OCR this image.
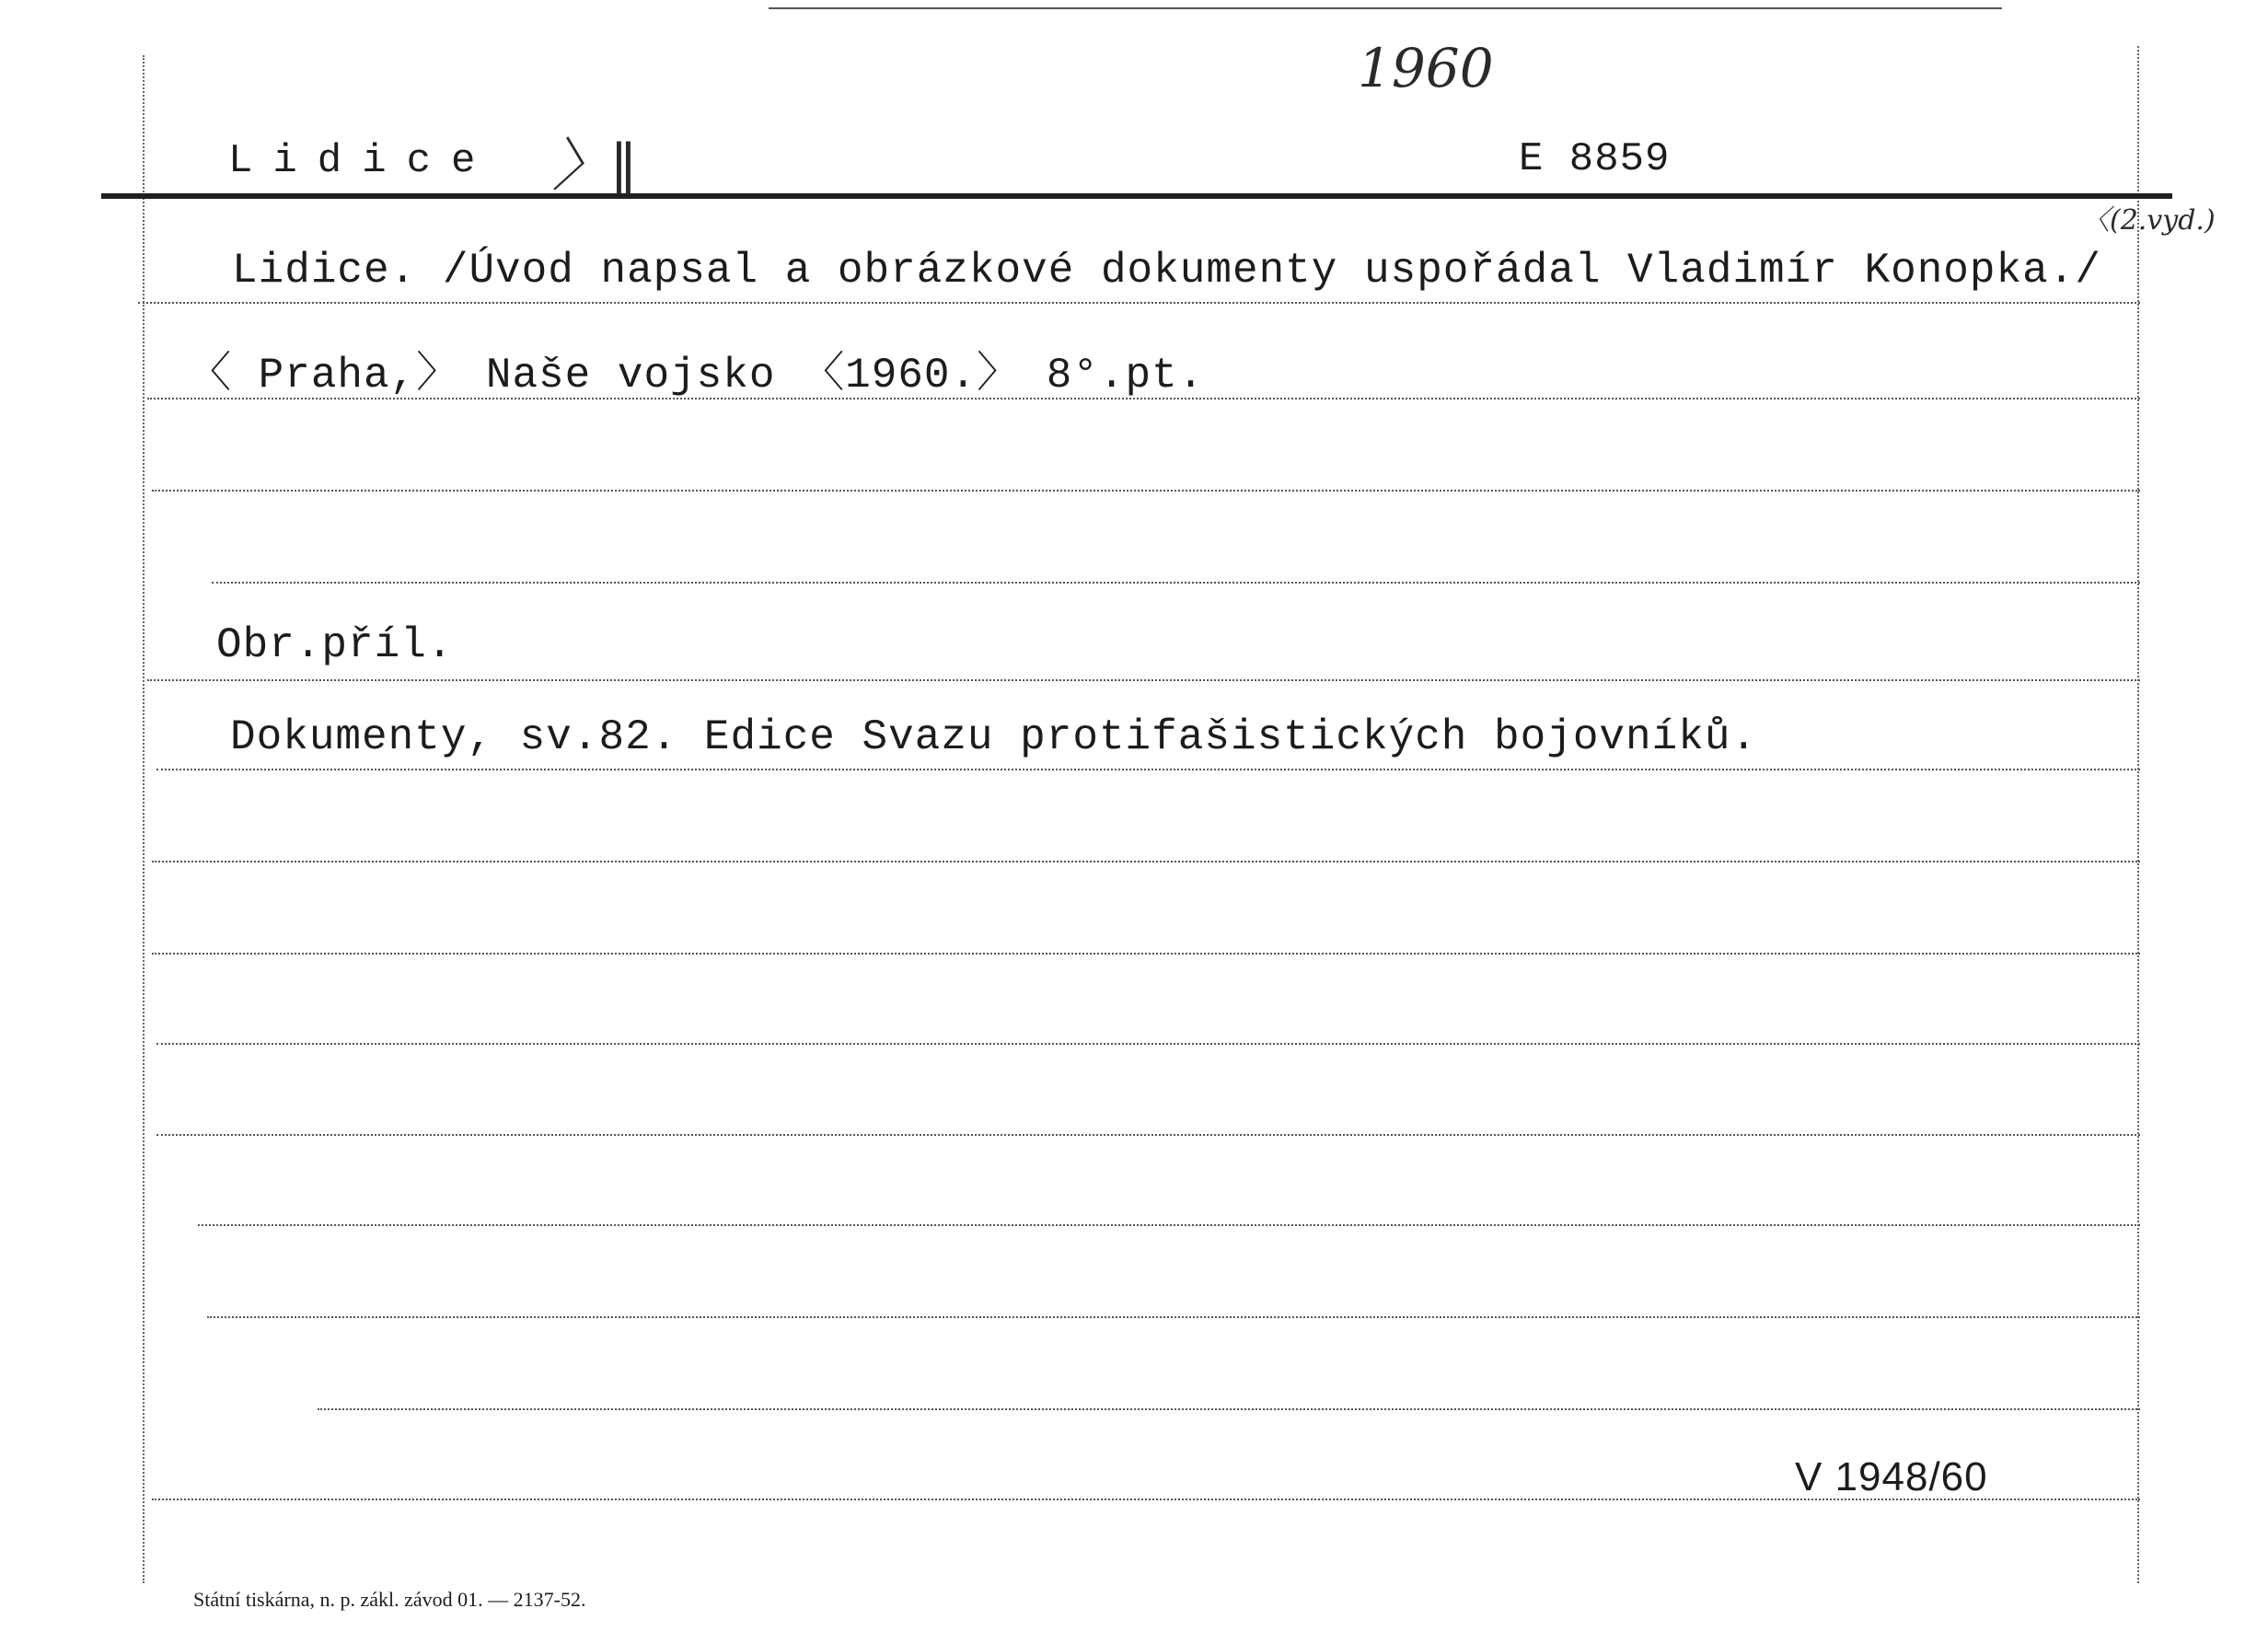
1960
Lidice 〉‖	E 8859
Lidice. /Úvod napsal a obrázkové dokumenty uspořádal Vladimír Konopka./
〈(2.vyd.)
〈 Praha,〉 Naše vojsko 〈1960.〉 8°.pt.
Obr.příl.
Dokumenty, sv.82. Edice Svazu protifašistických bojovníků.
V 1948/60
Státní tiskárna, n. p. zákl. závod 01. — 2137-52.
